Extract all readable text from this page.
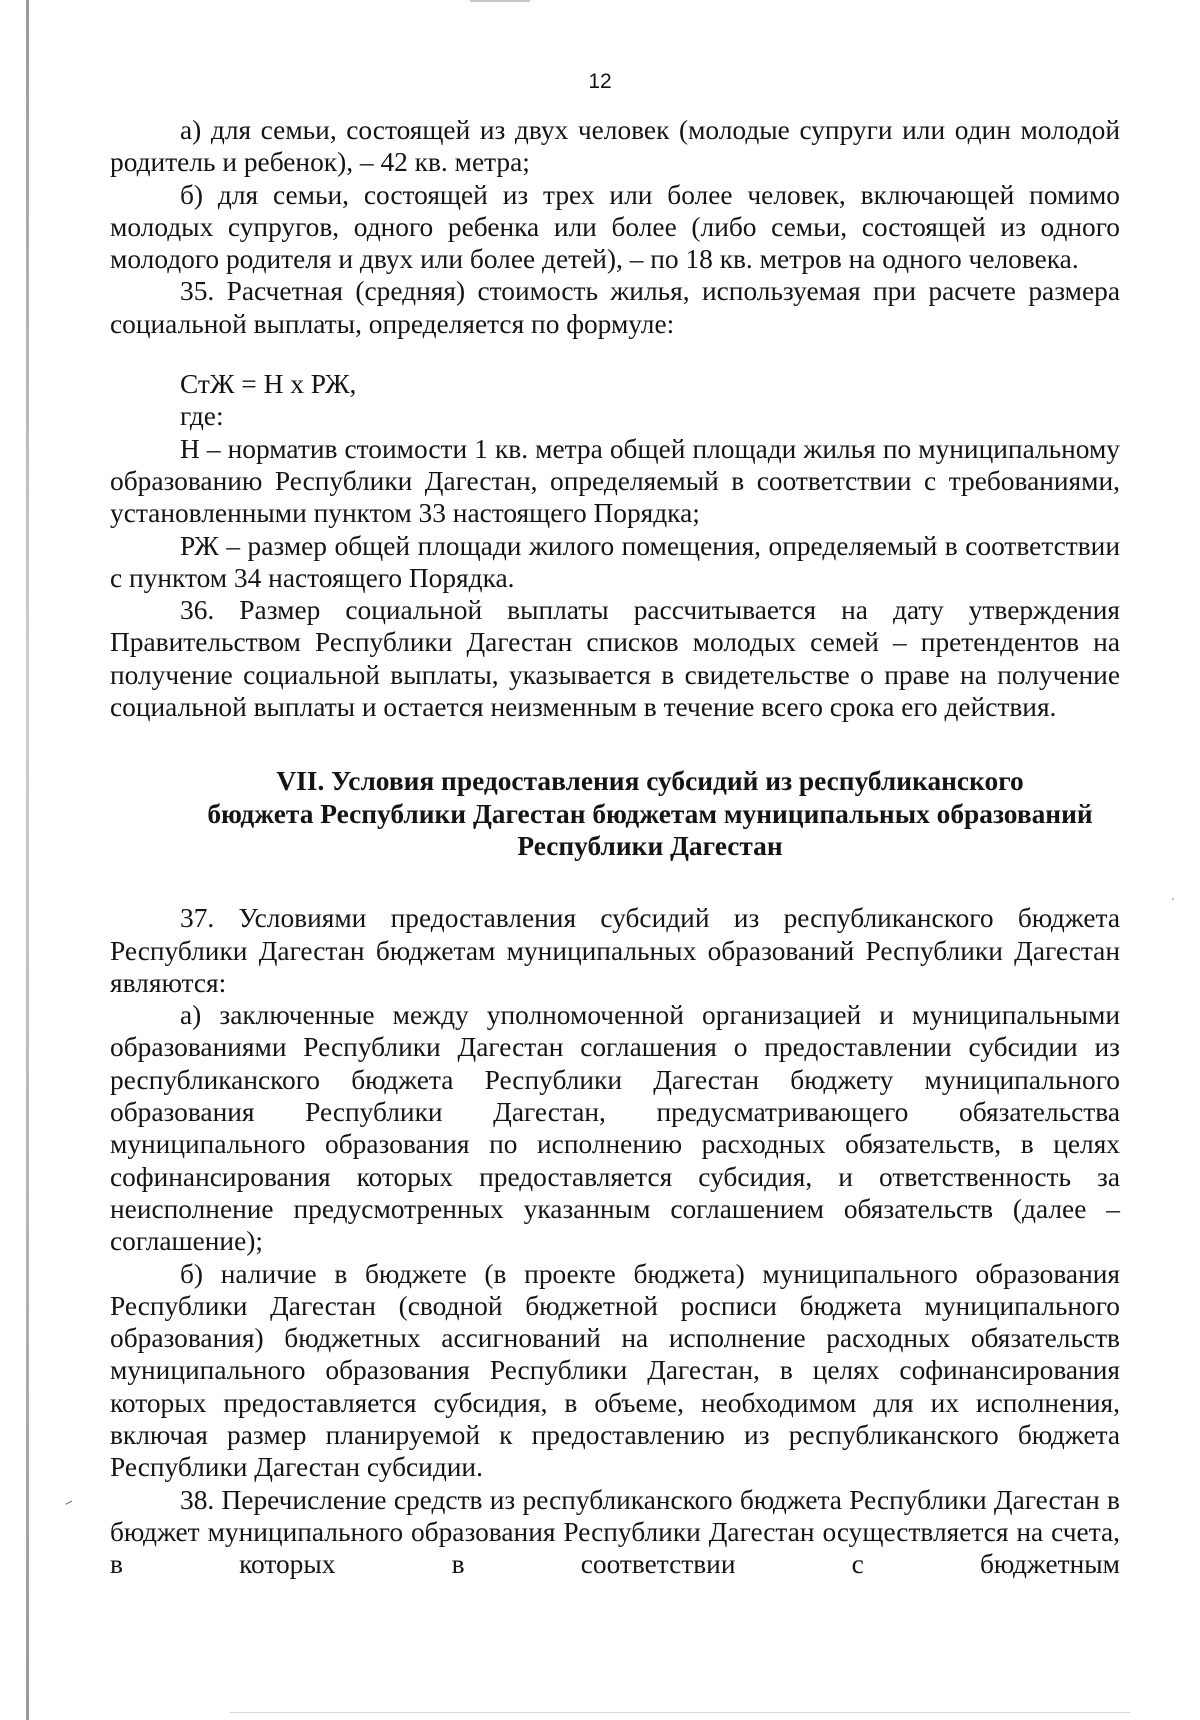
12

а) для семьи, состоящей из двух человек (молодые супруги или один молодой родитель и ребенок), – 42 кв. метра;

б) для семьи, состоящей из трех или более человек, включающей помимо молодых супругов, одного ребенка или более (либо семьи, состоящей из одного молодого родителя и двух или более детей), – по 18 кв. метров на одного человека.

35. Расчетная (средняя) стоимость жилья, используемая при расчете размера социальной выплаты, определяется по формуле:

СтЖ = Н х РЖ,

где:

Н – норматив стоимости 1 кв. метра общей площади жилья по муниципальному образованию Республики Дагестан, определяемый в соответствии с требованиями, установленными пунктом 33 настоящего Порядка;

РЖ – размер общей площади жилого помещения, определяемый в соответствии с пунктом 34 настоящего Порядка.

36. Размер социальной выплаты рассчитывается на дату утверждения Правительством Республики Дагестан списков молодых семей – претендентов на получение социальной выплаты, указывается в свидетельстве о праве на получение социальной выплаты и остается неизменным в течение всего срока его действия.

VII. Условия предоставления субсидий из республиканского
бюджета Республики Дагестан бюджетам муниципальных образований
Республики Дагестан

37. Условиями предоставления субсидий из республиканского бюджета Республики Дагестан бюджетам муниципальных образований Республики Дагестан являются:

а) заключенные между уполномоченной организацией и муниципальными образованиями Республики Дагестан соглашения о предоставлении субсидии из республиканского бюджета Республики Дагестан бюджету муниципального образования Республики Дагестан, предусматривающего обязательства муниципального образования по исполнению расходных обязательств, в целях софинансирования которых предоставляется субсидия, и ответственность за неисполнение предусмотренных указанным соглашением обязательств (далее – соглашение);

б) наличие в бюджете (в проекте бюджета) муниципального образования Республики Дагестан (сводной бюджетной росписи бюджета муниципального образования) бюджетных ассигнований на исполнение расходных обязательств муниципального образования Республики Дагестан, в целях софинансирования которых предоставляется субсидия, в объеме, необходимом для их исполнения, включая размер планируемой к предоставлению из республиканского бюджета Республики Дагестан субсидии.

38. Перечисление средств из республиканского бюджета Республики Дагестан в бюджет муниципального образования Республики Дагестан осуществляется на счета, в которых в соответствии с бюджетным
